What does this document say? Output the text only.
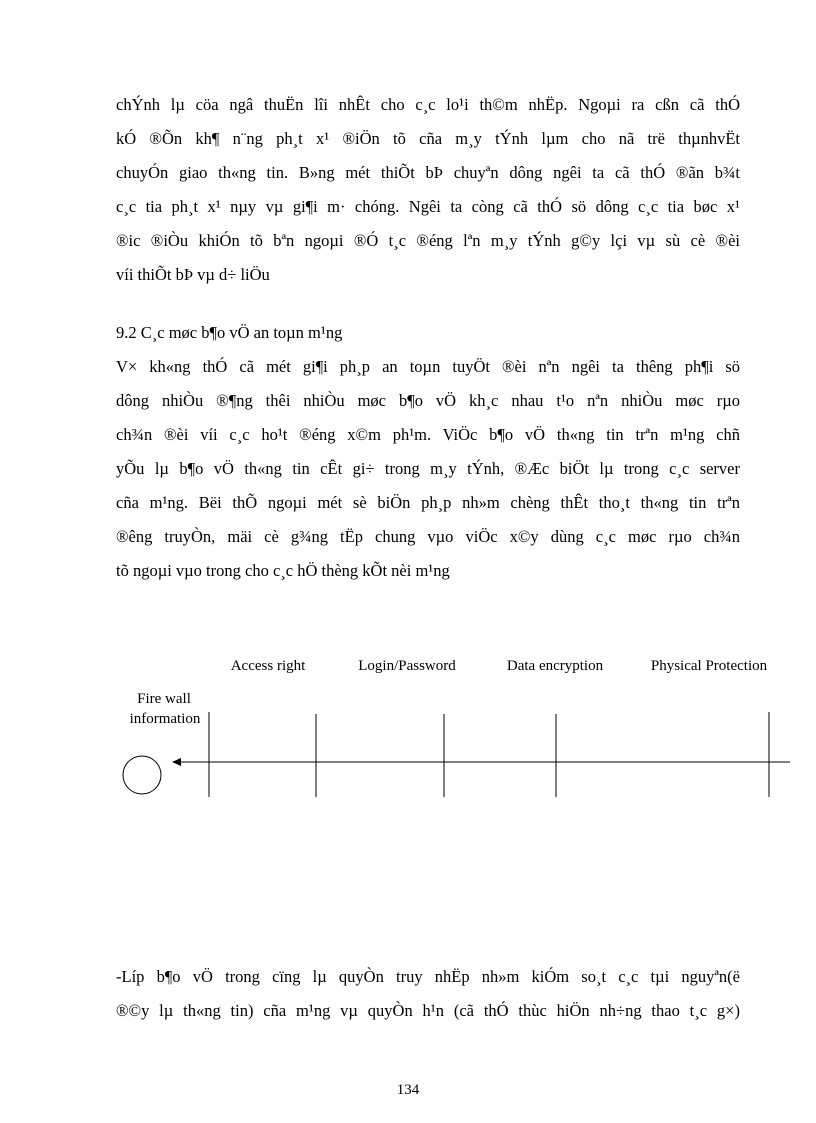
chÝnh lµ cöa ngâ thuËn lîi nhÊt cho c¸c lo¹i th©m nhËp. Ngoµi ra cßn cã thÓ
kÓ ®Õn kh¶ n¨ng ph¸t x¹ ®iÖn tõ cña m¸y tÝnh lµm cho nã trë thµnhvËt
chuyÓn giao th«ng tin. B»ng mét thiÕt bÞ chuyªn dông ngêi ta cã thÓ ®ãn b¾t
c¸c tia ph¸t x¹ nµy vµ gi¶i m· chóng. Ngêi ta còng cã thÓ sö dông c¸c tia bøc x¹
®ic ®iÒu khiÓn tõ bªn ngoµi ®Ó t¸c ®éng lªn m¸y tÝnh g©y lçi vµ sù cè ®èi
víi thiÕt bÞ vµ d÷ liÖu
9.2 C¸c møc b¶o vÖ an toµn m¹ng
V× kh«ng thÓ cã mét gi¶i ph¸p an toµn tuyÖt ®èi nªn ngêi ta thêng ph¶i sö
dông nhiÒu ®¶ng thêi nhiÒu møc b¶o vÖ kh¸c nhau t¹o nªn nhiÒu møc rµo
ch¾n ®èi víi c¸c ho¹t ®éng x©m ph¹m. ViÖc b¶o vÖ th«ng tin trªn m¹ng chñ
yÕu lµ b¶o vÖ th«ng tin cÊt gi÷ trong m¸y tÝnh, ®Æc biÖt lµ trong c¸c server
cña m¹ng. Bëi thÕ ngoµi mét sè biÖn ph¸p nh»m chèng thÊt tho¸t th«ng tin trªn
®êng truyÒn, mäi cè g¾ng tËp chung vµo viÖc x©y dùng c¸c møc rµo ch¾n
tõ ngoµi vµo trong cho c¸c hÖ thèng kÕt nèi m¹ng
Access right	Login/Password	Data encryption	Physical Protection
Fire wall
information
-Líp b¶o vÖ trong cïng lµ quyÒn truy nhËp nh»m kiÓm so¸t c¸c tµi nguyªn(ë
®©y lµ th«ng tin) cña m¹ng vµ quyÒn h¹n (cã thÓ thùc hiÖn nh÷ng thao t¸c g×)
134
